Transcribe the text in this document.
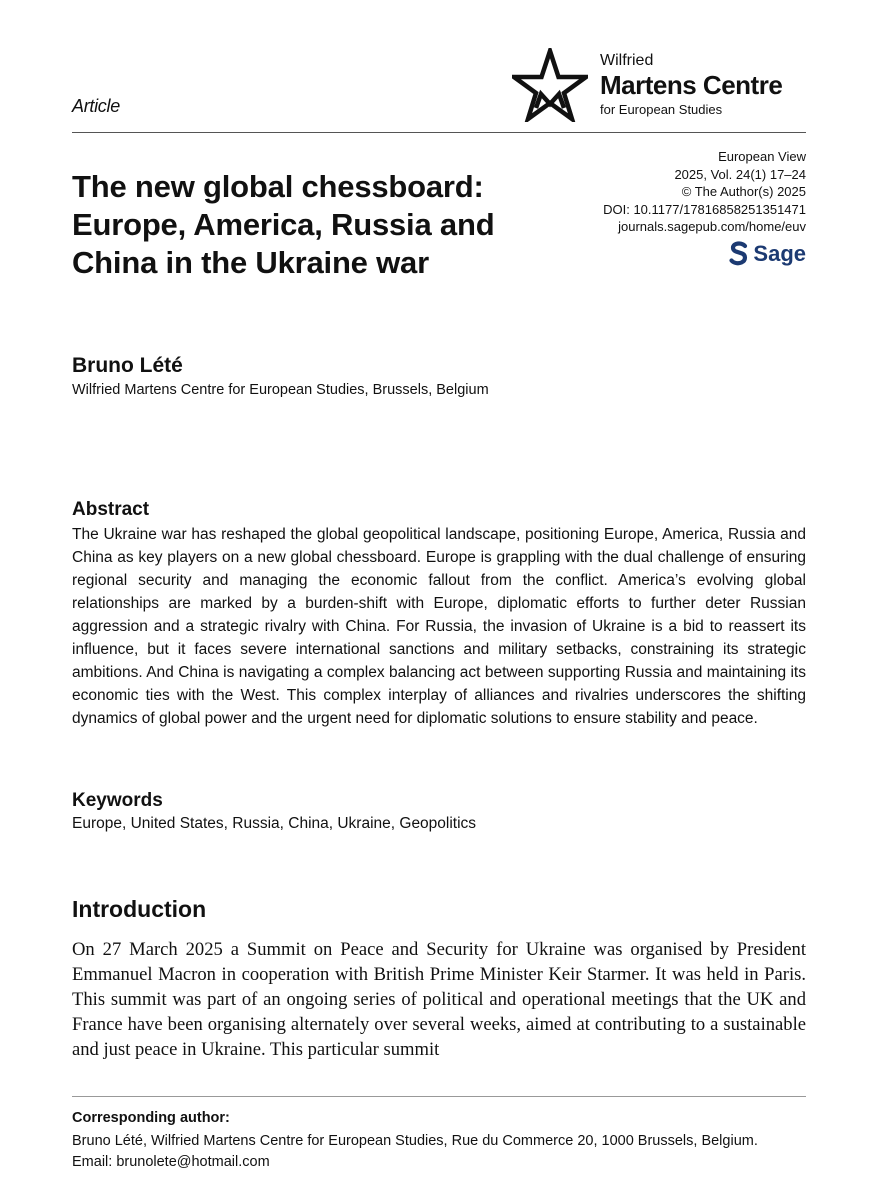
Article
Wilfried
Martens Centre
for European Studies
The new global chessboard: Europe, America, Russia and China in the Ukraine war
European View
2025, Vol. 24(1) 17–24
© The Author(s) 2025
DOI: 10.1177/17816858251351471
journals.sagepub.com/home/euv
Sage
Bruno Lété
Wilfried Martens Centre for European Studies, Brussels, Belgium
Abstract

The Ukraine war has reshaped the global geopolitical landscape, positioning Europe, America, Russia and China as key players on a new global chessboard. Europe is grappling with the dual challenge of ensuring regional security and managing the economic fallout from the conflict. America’s evolving global relationships are marked by a burden-shift with Europe, diplomatic efforts to further deter Russian aggression and a strategic rivalry with China. For Russia, the invasion of Ukraine is a bid to reassert its influence, but it faces severe international sanctions and military setbacks, constraining its strategic ambitions. And China is navigating a complex balancing act between supporting Russia and maintaining its economic ties with the West. This complex interplay of alliances and rivalries underscores the shifting dynamics of global power and the urgent need for diplomatic solutions to ensure stability and peace.

Keywords
Europe, United States, Russia, China, Ukraine, Geopolitics
Introduction

On 27 March 2025 a Summit on Peace and Security for Ukraine was organised by President Emmanuel Macron in cooperation with British Prime Minister Keir Starmer. It was held in Paris. This summit was part of an ongoing series of political and operational meetings that the UK and France have been organising alternately over several weeks, aimed at contributing to a sustainable and just peace in Ukraine. This particular summit

Corresponding author:
Bruno Lété, Wilfried Martens Centre for European Studies, Rue du Commerce 20, 1000 Brussels, Belgium.
Email: brunolete@hotmail.com
